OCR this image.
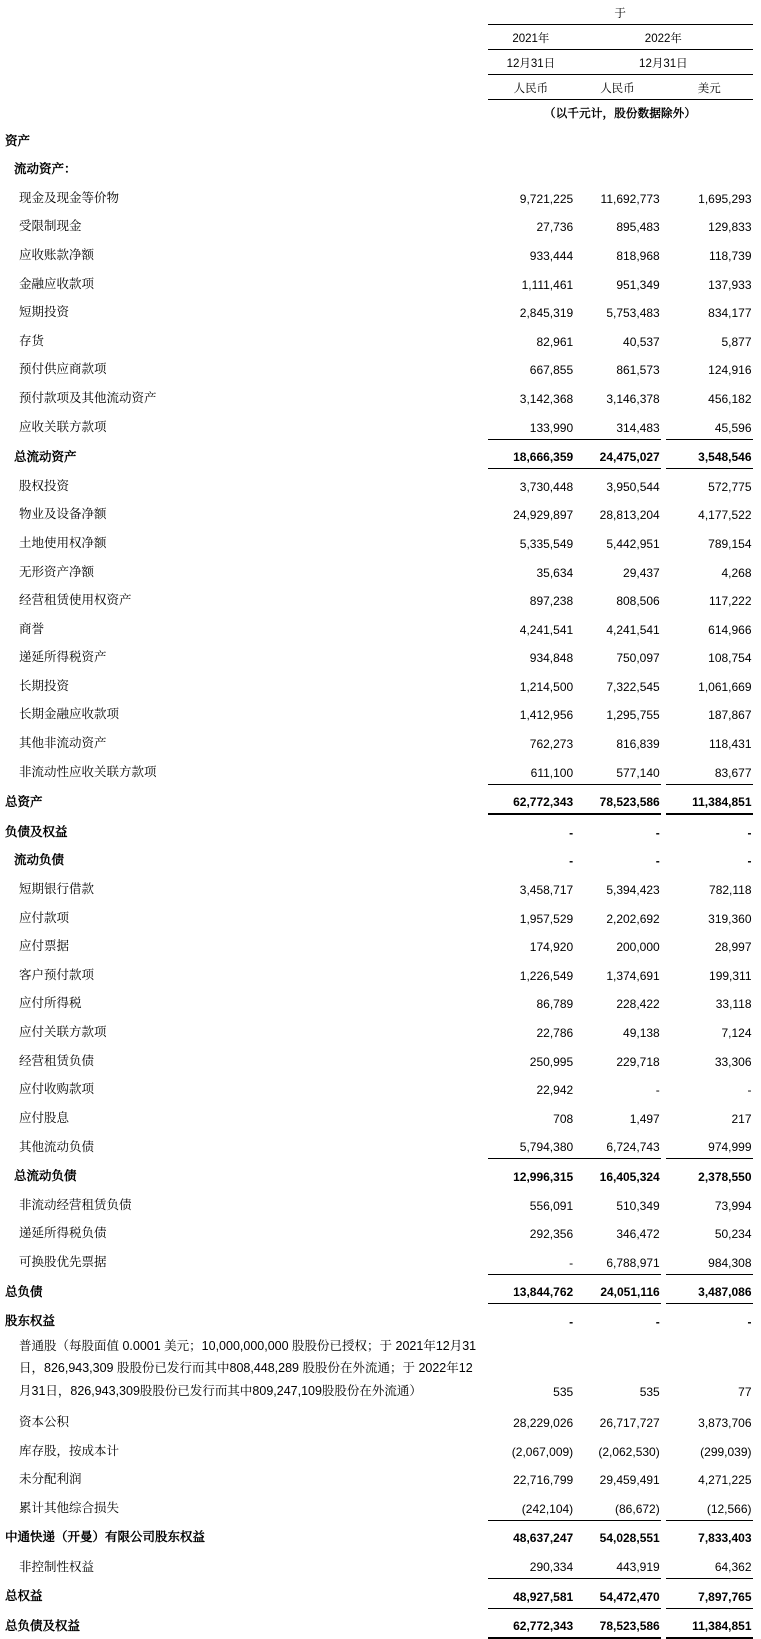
	于				
	2021年	2022年			
	12月31日	12月31日			
	人民币	人民币		美元	
	（以千元计，股份数据除外）				
资产					
流动资产：					
现金及现金等价物	9,721,225	11,692,773		1,695,293	
受限制现金	27,736	895,483		129,833	
应收账款净额	933,444	818,968		118,739	
金融应收款项	1,111,461	951,349		137,933	
短期投资	2,845,319	5,753,483		834,177	
存货	82,961	40,537		5,877	
预付供应商款项	667,855	861,573		124,916	
预付款项及其他流动资产	3,142,368	3,146,378		456,182	
应收关联方款项	133,990	314,483		45,596	
总流动资产	18,666,359	24,475,027		3,548,546	
股权投资	3,730,448	3,950,544		572,775	
物业及设备净额	24,929,897	28,813,204		4,177,522	
土地使用权净额	5,335,549	5,442,951		789,154	
无形资产净额	35,634	29,437		4,268	
经营租赁使用权资产	897,238	808,506		117,222	
商誉	4,241,541	4,241,541		614,966	
递延所得税资产	934,848	750,097		108,754	
长期投资	1,214,500	7,322,545		1,061,669	
长期金融应收款项	1,412,956	1,295,755		187,867	
其他非流动资产	762,273	816,839		118,431	
非流动性应收关联方款项	611,100	577,140		83,677	
总资产	62,772,343	78,523,586		11,384,851	
负债及权益	-	-		-	
流动负债	-	-		-	
短期银行借款	3,458,717	5,394,423		782,118	
应付款项	1,957,529	2,202,692		319,360	
应付票据	174,920	200,000		28,997	
客户预付款项	1,226,549	1,374,691		199,311	
应付所得税	86,789	228,422		33,118	
应付关联方款项	22,786	49,138		7,124	
经营租赁负债	250,995	229,718		33,306	
应付收购款项	22,942	-		-	
应付股息	708	1,497		217	
其他流动负债	5,794,380	6,724,743		974,999	
总流动负债	12,996,315	16,405,324		2,378,550	
非流动经营租赁负债	556,091	510,349		73,994	
递延所得税负债	292,356	346,472		50,234	
可换股优先票据	-	6,788,971		984,308	
总负债	13,844,762	24,051,116		3,487,086	
股东权益	-	-		-	
普通股（每股面值 0.0001 美元；10,000,000,000 股股份已授权；于 2021年12月31日，826,943,309 股股份已发行而其中808,448,289 股股份在外流通；于 2022年12月31日，826,943,309股股份已发行而其中809,247,109股股份在外流通）	535	535		77	
资本公积	28,229,026	26,717,727		3,873,706	
库存股，按成本计	(2,067,009)	(2,062,530)		(299,039)	
未分配利润	22,716,799	29,459,491		4,271,225	
累计其他综合损失	(242,104)	(86,672)		(12,566)	
中通快递（开曼）有限公司股东权益	48,637,247	54,028,551		7,833,403	
非控制性权益	290,334	443,919		64,362	
总权益	48,927,581	54,472,470		7,897,765	
总负债及权益	62,772,343	78,523,586		11,384,851	
